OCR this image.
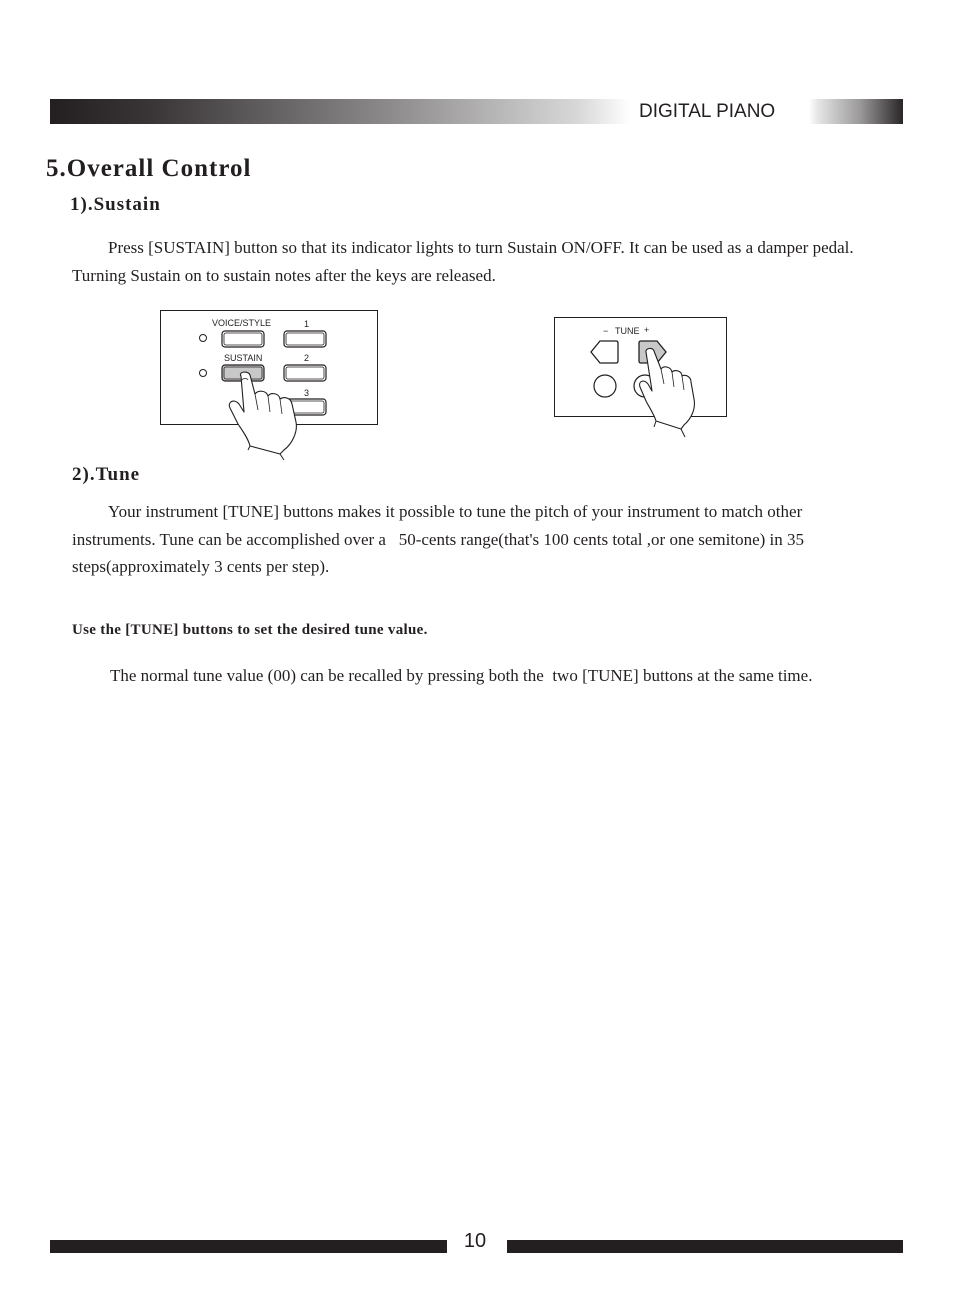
DIGITAL PIANO
5.Overall Control
1).Sustain
Press [SUSTAIN] button so that its indicator lights to turn Sustain ON/OFF. It can be used as a damper pedal. Turning Sustain on to sustain notes after the keys are released.
VOICE/STYLE	1
SUSTAIN	2
3
− TUNE +
2).Tune
Your instrument [TUNE] buttons makes it possible to tune the pitch of your instrument to match other instruments. Tune can be accomplished over a   50-cents range(that's 100 cents total ,or one semitone) in 35 steps(approximately 3 cents per step).
Use the [TUNE] buttons to set the desired tune value.
The normal tune value (00) can be recalled by pressing both the  two [TUNE] buttons at the same time.
10
